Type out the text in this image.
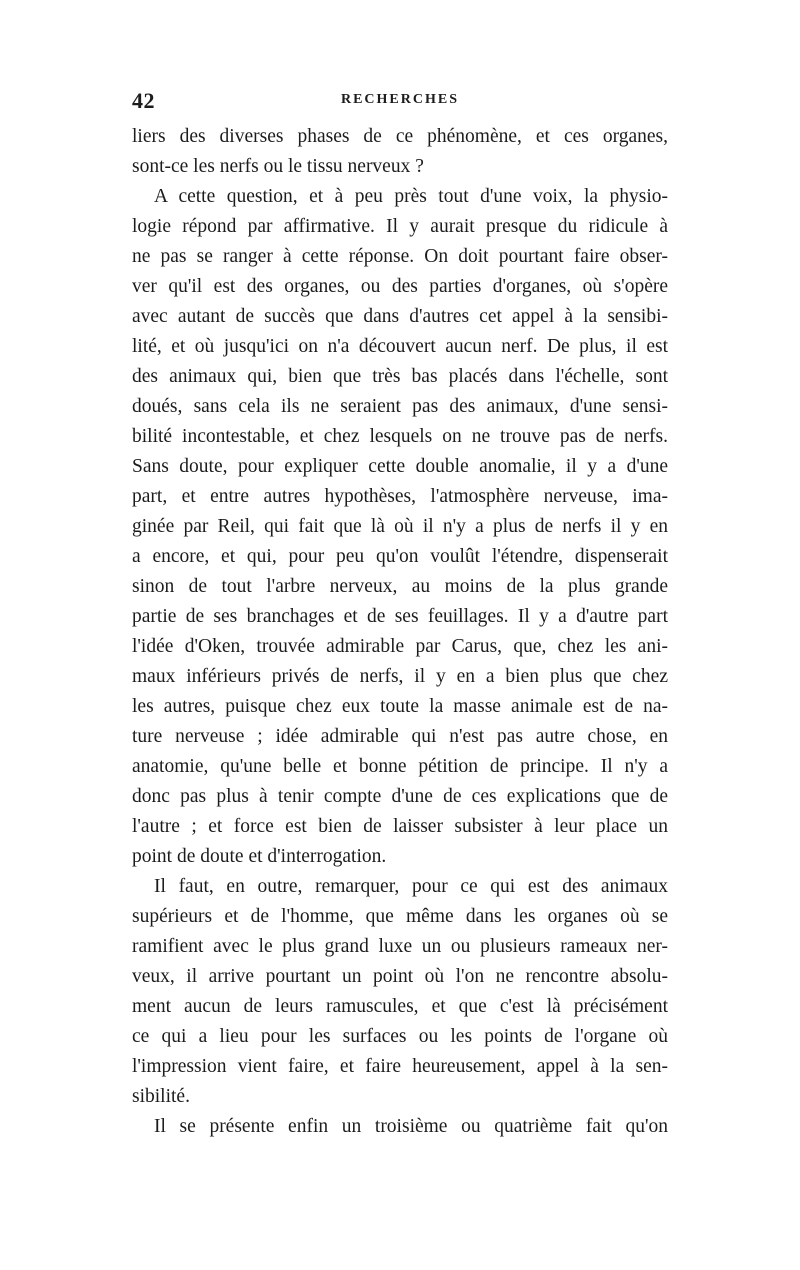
42	RECHERCHES
liers des diverses phases de ce phénomène, et ces organes,
sont-ce les nerfs ou le tissu nerveux ?
A cette question, et à peu près tout d'une voix, la physio-
logie répond par affirmative. Il y aurait presque du ridicule à
ne pas se ranger à cette réponse. On doit pourtant faire obser-
ver qu'il est des organes, ou des parties d'organes, où s'opère
avec autant de succès que dans d'autres cet appel à la sensibi-
lité, et où jusqu'ici on n'a découvert aucun nerf. De plus, il est
des animaux qui, bien que très bas placés dans l'échelle, sont
doués, sans cela ils ne seraient pas des animaux, d'une sensi-
bilité incontestable, et chez lesquels on ne trouve pas de nerfs.
Sans doute, pour expliquer cette double anomalie, il y a d'une
part, et entre autres hypothèses, l'atmosphère nerveuse, ima-
ginée par Reil, qui fait que là où il n'y a plus de nerfs il y en
a encore, et qui, pour peu qu'on voulût l'étendre, dispenserait
sinon de tout l'arbre nerveux, au moins de la plus grande
partie de ses branchages et de ses feuillages. Il y a d'autre part
l'idée d'Oken, trouvée admirable par Carus, que, chez les ani-
maux inférieurs privés de nerfs, il y en a bien plus que chez
les autres, puisque chez eux toute la masse animale est de na-
ture nerveuse ; idée admirable qui n'est pas autre chose, en
anatomie, qu'une belle et bonne pétition de principe. Il n'y a
donc pas plus à tenir compte d'une de ces explications que de
l'autre ; et force est bien de laisser subsister à leur place un
point de doute et d'interrogation.
Il faut, en outre, remarquer, pour ce qui est des animaux
supérieurs et de l'homme, que même dans les organes où se
ramifient avec le plus grand luxe un ou plusieurs rameaux ner-
veux, il arrive pourtant un point où l'on ne rencontre absolu-
ment aucun de leurs ramuscules, et que c'est là précisément
ce qui a lieu pour les surfaces ou les points de l'organe où
l'impression vient faire, et faire heureusement, appel à la sen-
sibilité.
Il se présente enfin un troisième ou quatrième fait qu'on
